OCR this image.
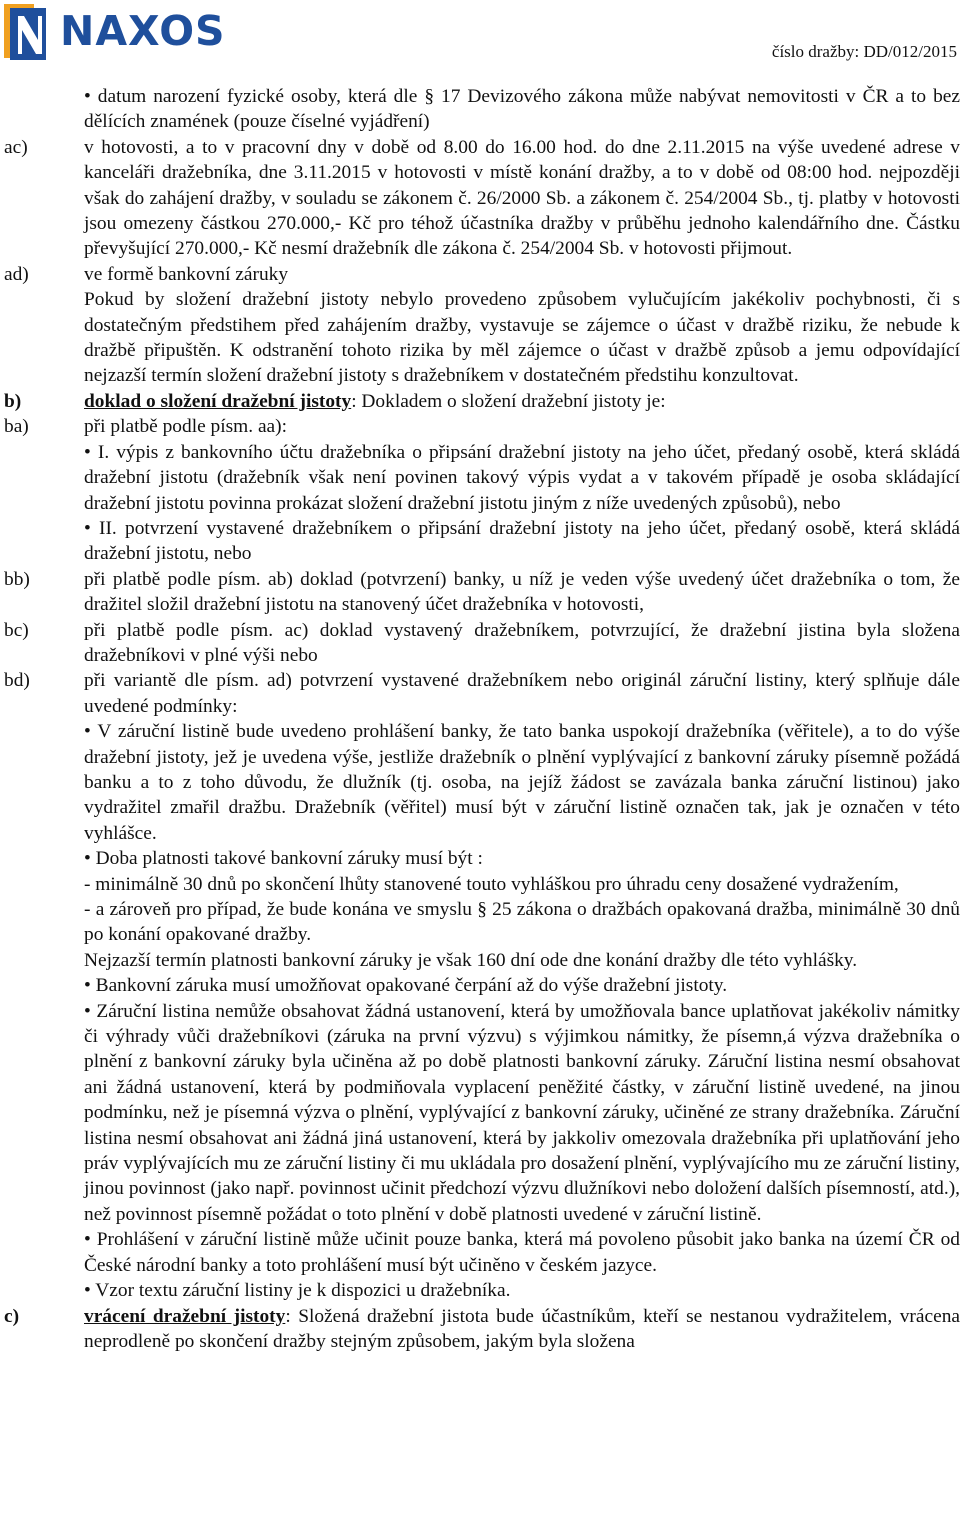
NAXOS	číslo dražby: DD/012/2015
• datum narození fyzické osoby, která dle § 17 Devizového zákona může nabývat nemovitosti v ČR a to bez dělících znamének (pouze číselné vyjádření)
ac)	v hotovosti, a to v pracovní dny v době od 8.00 do 16.00 hod. do dne 2.11.2015 na výše uvedené adrese v kanceláři dražebníka, dne 3.11.2015 v hotovosti v místě konání dražby, a to v době od 08:00 hod. nejpozději však do zahájení dražby, v souladu se zákonem č. 26/2000 Sb. a zákonem č. 254/2004 Sb., tj. platby v hotovosti jsou omezeny částkou 270.000,- Kč pro téhož účastníka dražby v průběhu jednoho kalendářního dne. Částku převyšující 270.000,- Kč nesmí dražebník dle zákona č. 254/2004 Sb. v hotovosti přijmout.
ad)	ve formě bankovní záruky
Pokud by složení dražební jistoty nebylo provedeno způsobem vylučujícím jakékoliv pochybnosti, či s dostatečným předstihem před zahájením dražby, vystavuje se zájemce o účast v dražbě riziku, že nebude k dražbě připuštěn. K odstranění tohoto rizika by měl zájemce o účast v dražbě způsob a jemu odpovídající nejzazší termín složení dražební jistoty s dražebníkem v dostatečném předstihu konzultovat.
b)	doklad o složení dražební jistoty: Dokladem o složení dražební jistoty je:
ba)	při platbě podle písm. aa):
• I. výpis z bankovního účtu dražebníka o připsání dražební jistoty na jeho účet, předaný osobě, která skládá dražební jistotu (dražebník však není povinen takový výpis vydat a v takovém případě je osoba skládající dražební jistotu povinna prokázat složení dražební jistotu jiným z níže uvedených způsobů), nebo
• II. potvrzení vystavené dražebníkem o připsání dražební jistoty na jeho účet, předaný osobě, která skládá dražební jistotu, nebo
bb)	při platbě podle písm. ab) doklad (potvrzení) banky, u níž je veden výše uvedený účet dražebníka o tom, že dražitel složil dražební jistotu na stanovený účet dražebníka v hotovosti,
bc)	při platbě podle písm. ac) doklad vystavený dražebníkem, potvrzující, že dražební jistina byla složena dražebníkovi v plné výši nebo
bd)	při variantě dle písm. ad) potvrzení vystavené dražebníkem nebo originál záruční listiny, který splňuje dále uvedené podmínky:
• V záruční listině bude uvedeno prohlášení banky, že tato banka uspokojí dražebníka (věřitele), a to do výše dražební jistoty, jež je uvedena výše, jestliže dražebník o plnění vyplývající z bankovní záruky písemně požádá banku a to z toho důvodu, že dlužník (tj. osoba, na jejíž žádost se zavázala banka záruční listinou) jako vydražitel zmařil dražbu. Dražebník (věřitel) musí být v záruční listině označen tak, jak je označen v této vyhlášce.
• Doba platnosti takové bankovní záruky musí být :
- minimálně 30 dnů po skončení lhůty stanovené touto vyhláškou pro úhradu ceny dosažené vydražením,
- a zároveň pro případ, že bude konána ve smyslu § 25 zákona o dražbách opakovaná dražba, minimálně 30 dnů po konání opakované dražby.
Nejzazší termín platnosti bankovní záruky je však 160 dní ode dne konání dražby dle této vyhlášky.
• Bankovní záruka musí umožňovat opakované čerpání až do výše dražební jistoty.
• Záruční listina nemůže obsahovat žádná ustanovení, která by umožňovala bance uplatňovat jakékoliv námitky či výhrady vůči dražebníkovi (záruka na první výzvu) s výjimkou námitky, že písemn,á výzva dražebníka o plnění z bankovní záruky byla učiněna až po době platnosti bankovní záruky. Záruční listina nesmí obsahovat ani žádná ustanovení, která by podmiňovala vyplacení peněžité částky, v záruční listině uvedené, na jinou podmínku, než je písemná výzva o plnění, vyplývající z bankovní záruky, učiněné ze strany dražebníka. Záruční listina nesmí obsahovat ani žádná jiná ustanovení, která by jakkoliv omezovala dražebníka při uplatňování jeho práv vyplývajících mu ze záruční listiny či mu ukládala pro dosažení plnění, vyplývajícího mu ze záruční listiny, jinou povinnost (jako např. povinnost učinit předchozí výzvu dlužníkovi nebo doložení dalších písemností, atd.), než povinnost písemně požádat o toto plnění v době platnosti uvedené v záruční listině.
• Prohlášení v záruční listině může učinit pouze banka, která má povoleno působit jako banka na území ČR od České národní banky a toto prohlášení musí být učiněno v českém jazyce.
• Vzor textu záruční listiny je k dispozici u dražebníka.
c)	vrácení dražební jistoty: Složená dražební jistota bude účastníkům, kteří se nestanou vydražitelem, vrácena neprodleně po skončení dražby stejným způsobem, jakým byla složena
